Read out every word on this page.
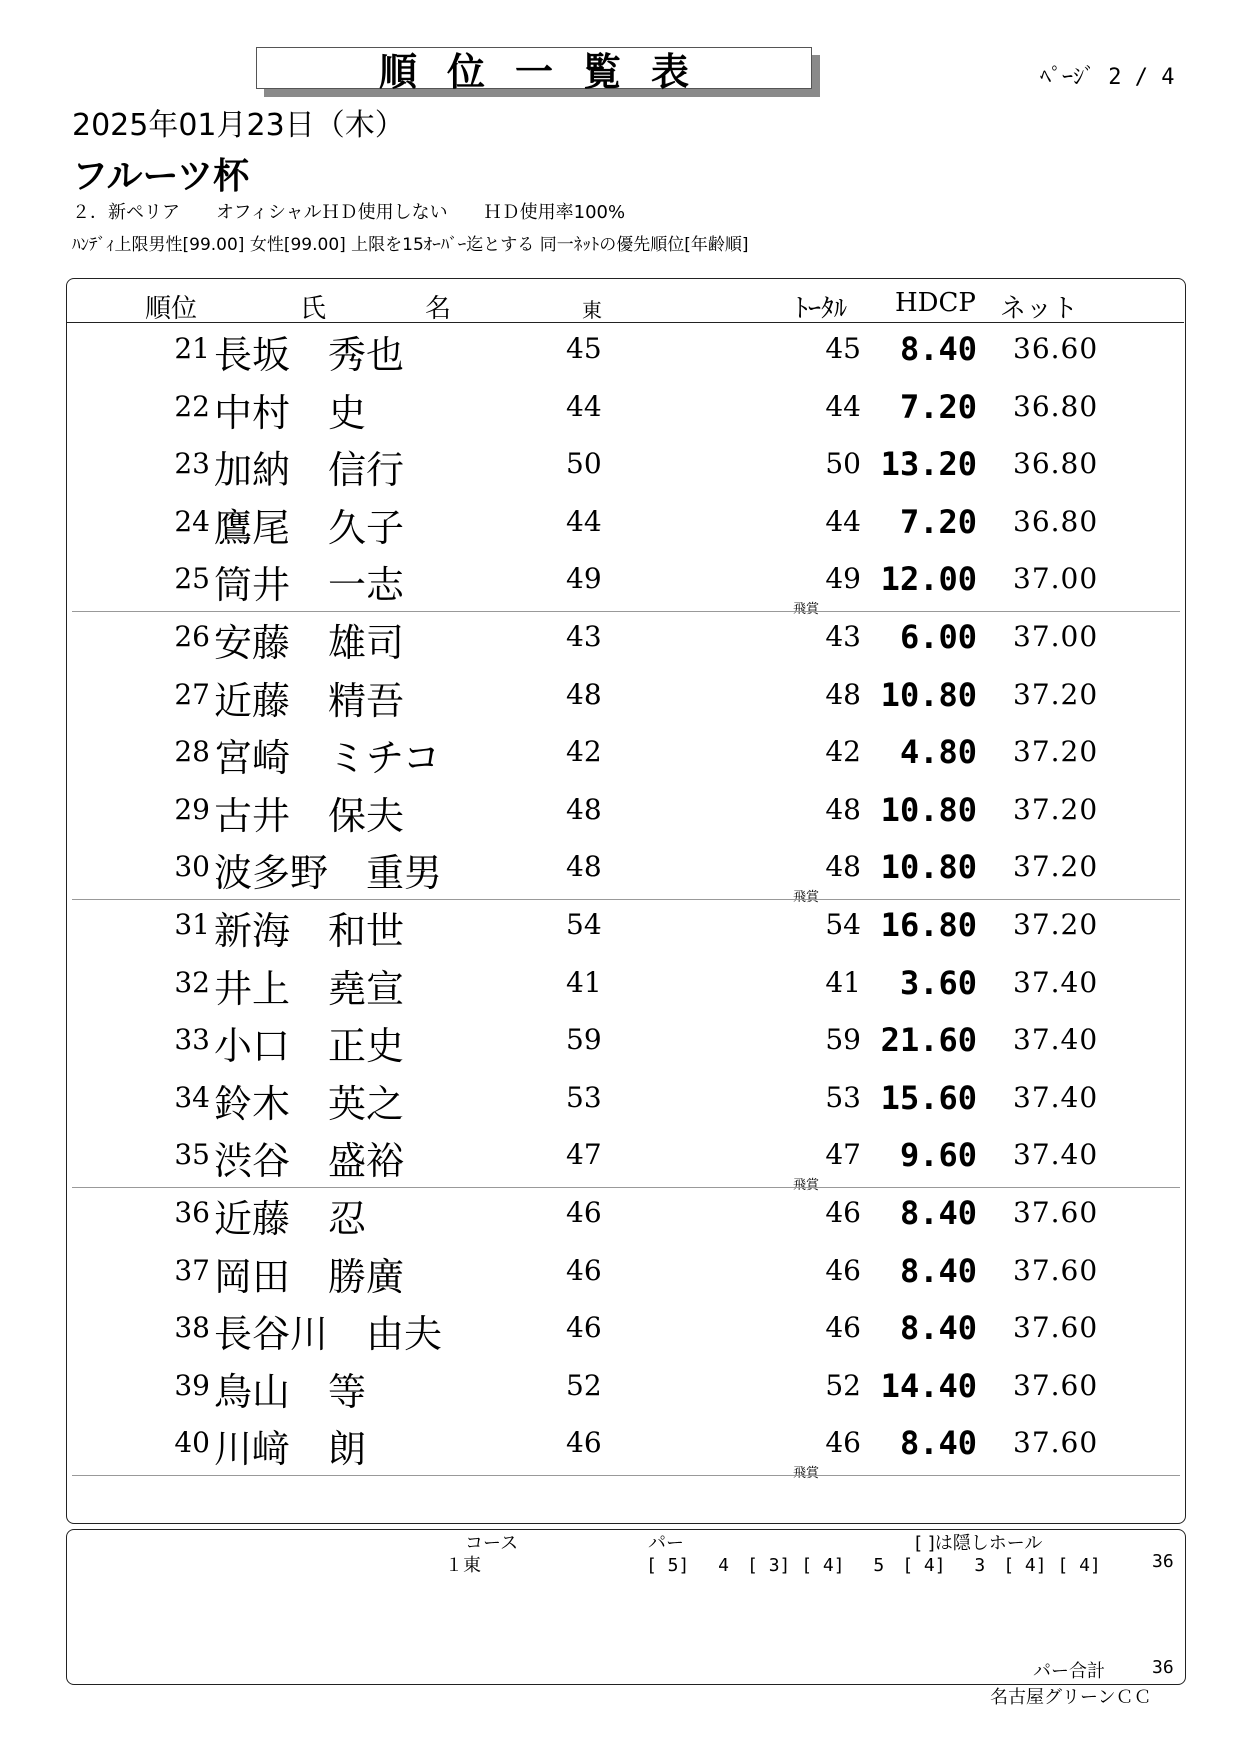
順位一覧表	ﾍﾟｰｼﾞ 2 / 4
2025年01月23日（木）
フルーツ杯
２．新ペリア　　オフィシャルＨＤ使用しない　　ＨＤ使用率100%
ﾊﾝﾃﾞｨ上限男性[99.00] 女性[99.00] 上限を15ｵｰﾊﾞｰ迄とする 同一ﾈｯﾄの優先順位[年齢順]
順位	氏	名	東	ﾄｰﾀﾙ HDCP ネット
21 長坂　秀也	45	45	8.40 36.60
22 中村　史	44	44	7.20 36.80
23 加納　信行	50	50 13.20 36.80
24 鷹尾　久子	44	44	7.20 36.80
25 筒井　一志	49	49 12.00 37.00
飛賞
26 安藤　雄司	43	43	6.00 37.00
27 近藤　精吾	48	48 10.80 37.20
28 宮崎　ミチコ	42	42	4.80 37.20
29 古井　保夫	48	48 10.80 37.20
30 波多野　重男	48	48 10.80 37.20
飛賞
31 新海　和世	54	54 16.80 37.20
32 井上　堯宣	41	41	3.60 37.40
33 小口　正史	59	59 21.60 37.40
34 鈴木　英之	53	53 15.60 37.40
35 渋谷　盛裕	47	47	9.60 37.40
飛賞
36 近藤　忍	46	46	8.40 37.60
37 岡田　勝廣	46	46	8.40 37.60
38 長谷川　由夫	46	46	8.40 37.60
39 鳥山　等	52	52 14.40 37.60
40 川﨑　朗	46	46	8.40 37.60
飛賞
コース	パー	[ ]は隠しホール
１東	[ 5]　 4　[ 3] [ 4]　 5　[ 4]　 3　[ 4] [ 4]	36
パー合計	36
名古屋グリーンＣＣ
